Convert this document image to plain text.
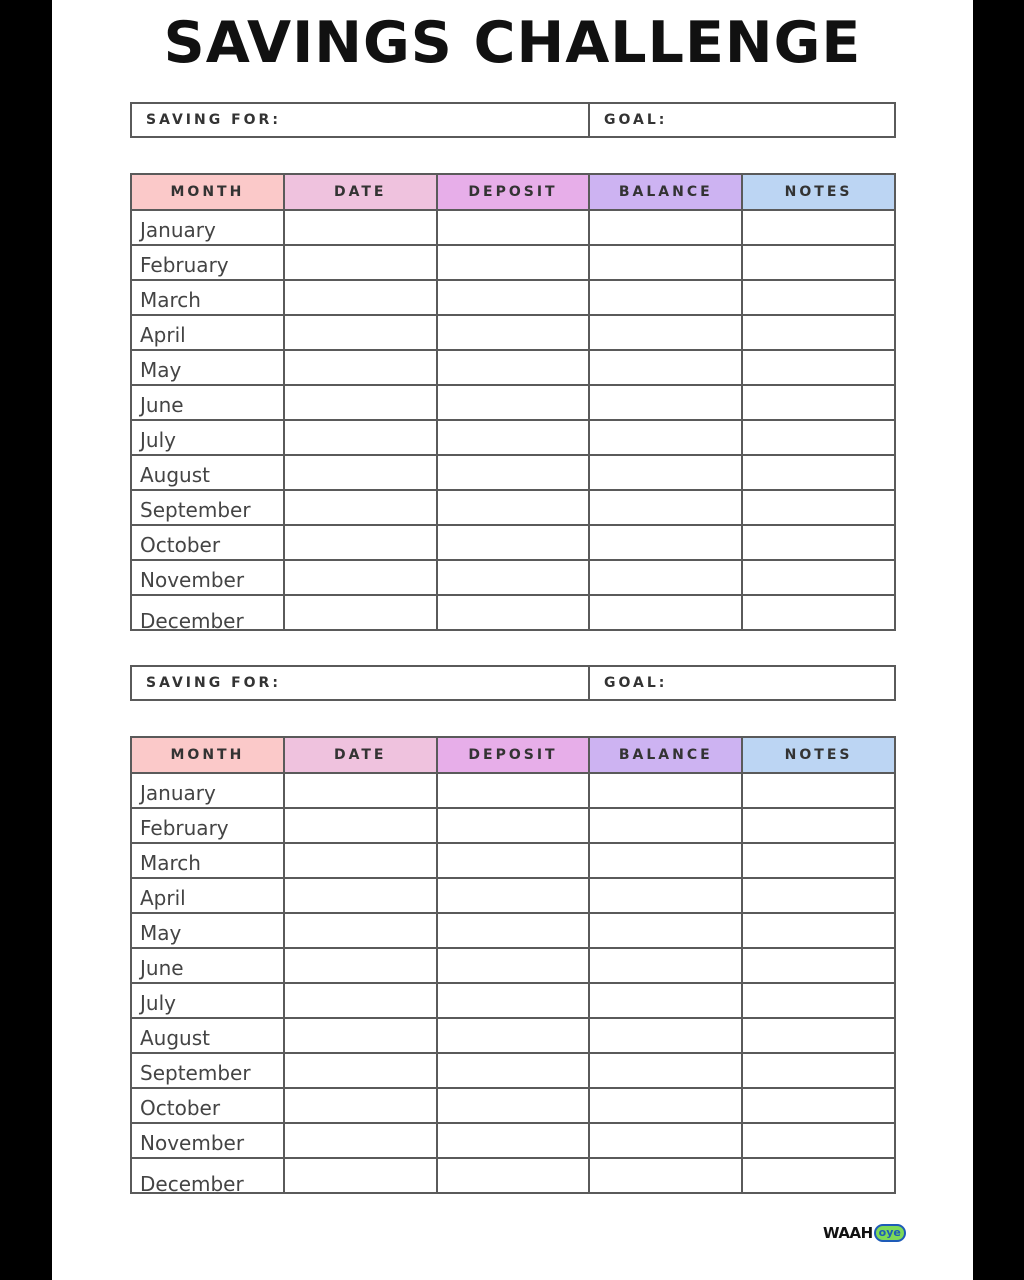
SAVINGS CHALLENGE
SAVING FOR:	GOAL:
MONTH	DATE	DEPOSIT	BALANCE	NOTES
January				
February				
March				
April				
May				
June				
July				
August				
September				
October				
November				
December				
SAVING FOR:	GOAL:
MONTH	DATE	DEPOSIT	BALANCE	NOTES
January				
February				
March				
April				
May				
June				
July				
August				
September				
October				
November				
December				
WAAH oye
